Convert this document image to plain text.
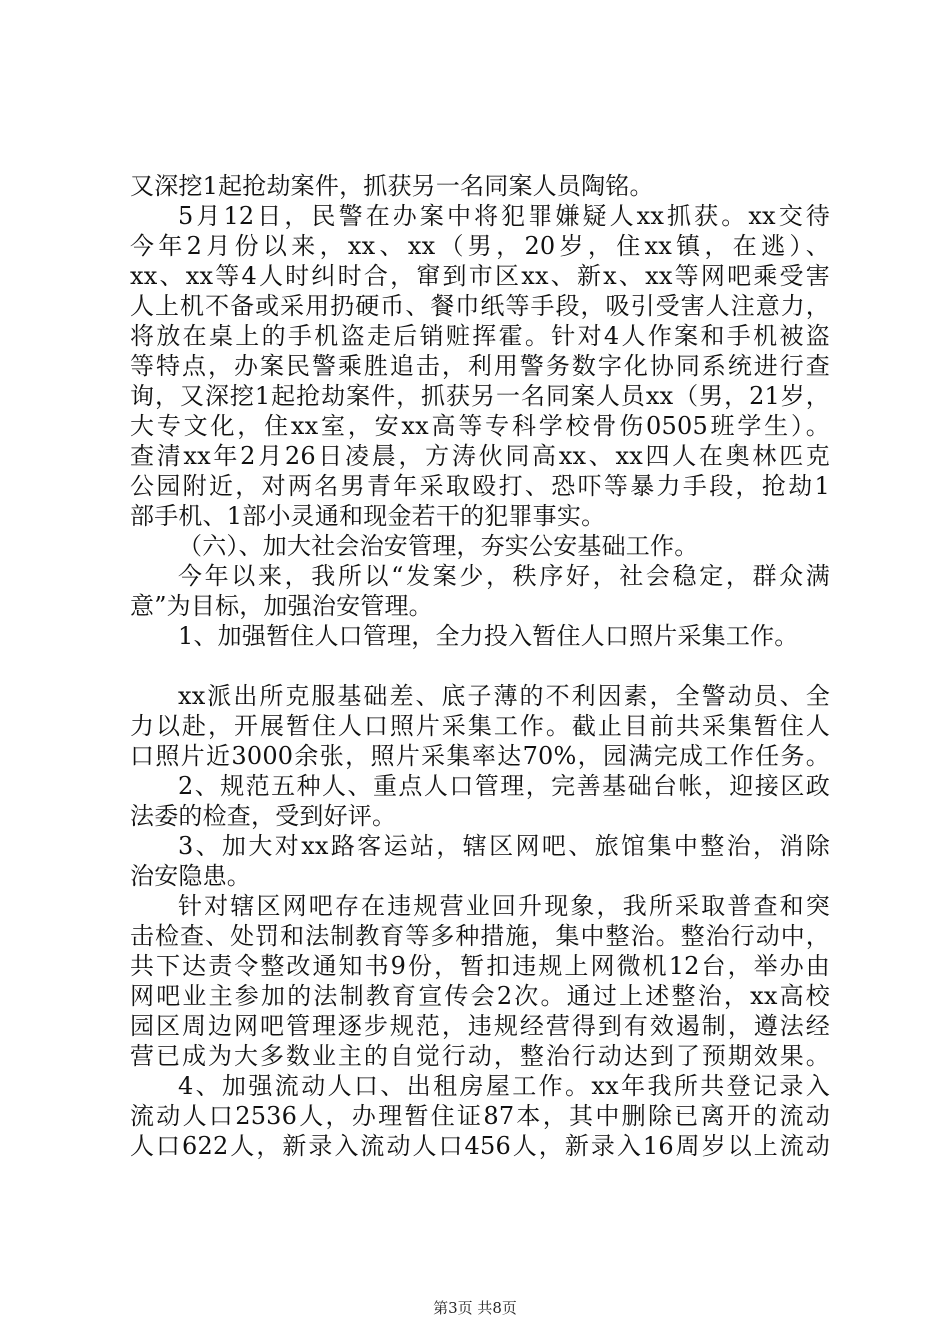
又深挖1起抢劫案件，抓获另一名同案人员陶铭。
5月12日，民警在办案中将犯罪嫌疑人xx抓获。xx交待
今年2月份以来，xx、xx（男，20岁，住xx镇，在逃）、
xx、xx等4人时纠时合，窜到市区xx、新x、xx等网吧乘受害
人上机不备或采用扔硬币、餐巾纸等手段，吸引受害人注意力，
将放在桌上的手机盗走后销赃挥霍。针对4人作案和手机被盗
等特点，办案民警乘胜追击，利用警务数字化协同系统进行查
询，又深挖1起抢劫案件，抓获另一名同案人员xx（男，21岁，
大专文化，住xx室，安xx高等专科学校骨伤0505班学生）。
查清xx年2月26日凌晨，方涛伙同高xx、xx四人在奥林匹克
公园附近，对两名男青年采取殴打、恐吓等暴力手段，抢劫1
部手机、1部小灵通和现金若干的犯罪事实。
（六）、加大社会治安管理，夯实公安基础工作。
今年以来，我所以“发案少，秩序好，社会稳定，群众满
意”为目标，加强治安管理。
1、加强暂住人口管理，全力投入暂住人口照片采集工作。
xx派出所克服基础差、底子薄的不利因素，全警动员、全
力以赴，开展暂住人口照片采集工作。截止目前共采集暂住人
口照片近3000余张，照片采集率达70%，园满完成工作任务。
2、规范五种人、重点人口管理，完善基础台帐，迎接区政
法委的检查，受到好评。
3、加大对xx路客运站，辖区网吧、旅馆集中整治，消除
治安隐患。
针对辖区网吧存在违规营业回升现象，我所采取普查和突
击检查、处罚和法制教育等多种措施，集中整治。整治行动中，
共下达责令整改通知书9份，暂扣违规上网微机12台，举办由
网吧业主参加的法制教育宣传会2次。通过上述整治，xx高校
园区周边网吧管理逐步规范，违规经营得到有效遏制，遵法经
营已成为大多数业主的自觉行动，整治行动达到了预期效果。
4、加强流动人口、出租房屋工作。xx年我所共登记录入
流动人口2536人，办理暂住证87本，其中删除已离开的流动
人口622人，新录入流动人口456人，新录入16周岁以上流动
第3页 共8页
